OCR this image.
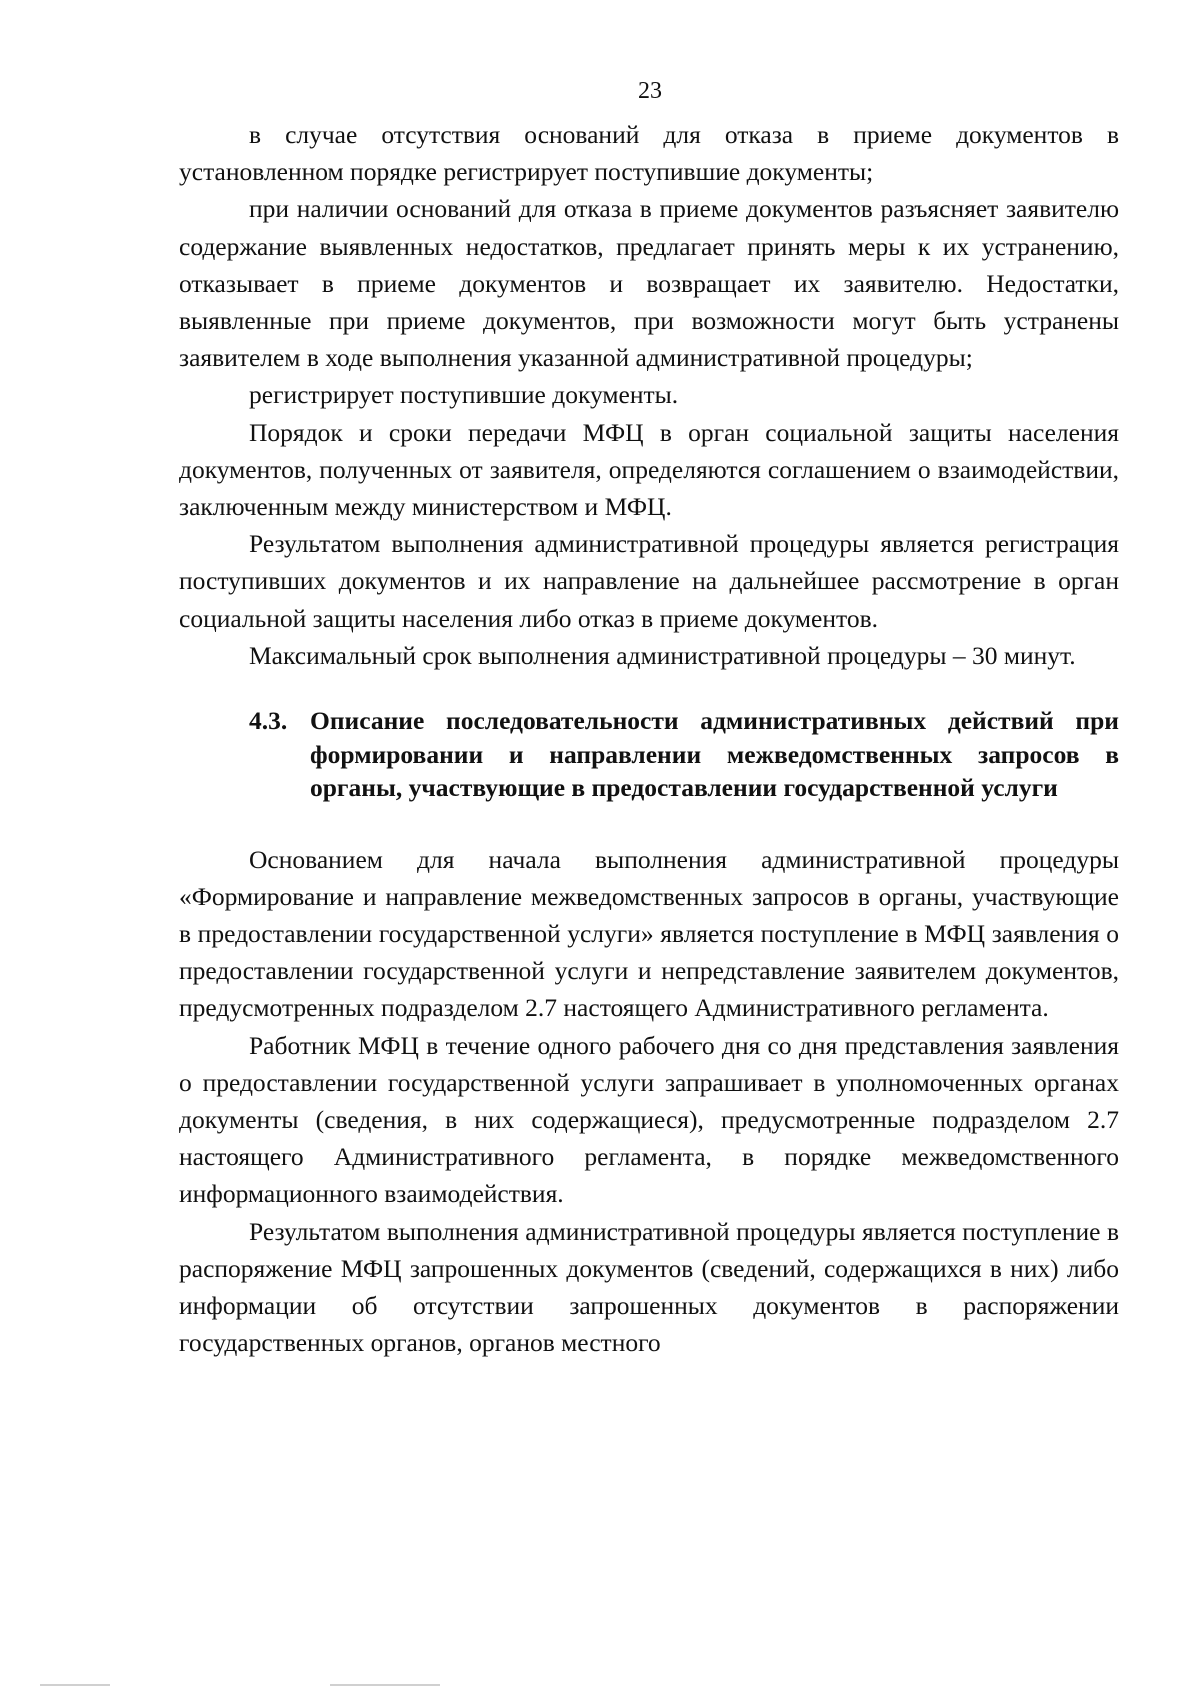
23

в случае отсутствия оснований для отказа в приеме документов в установленном порядке регистрирует поступившие документы;

при наличии оснований для отказа в приеме документов разъясняет заявителю содержание выявленных недостатков, предлагает принять меры к их устранению, отказывает в приеме документов и возвращает их заявителю. Недостатки, выявленные при приеме документов, при возможности могут быть устранены заявителем в ходе выполнения указанной административной процедуры;

регистрирует поступившие документы.

Порядок и сроки передачи МФЦ в орган социальной защиты населения документов, полученных от заявителя, определяются соглашением о взаимодействии, заключенным между министерством и МФЦ.

Результатом выполнения административной процедуры является регистрация поступивших документов и их направление на дальнейшее рассмотрение в орган социальной защиты населения либо отказ в приеме документов.

Максимальный срок выполнения административной процедуры – 30 минут.

4.3. Описание последовательности административных действий при формировании и направлении межведомственных запросов в органы, участвующие в предоставлении государственной услуги

Основанием для начала выполнения административной процедуры «Формирование и направление межведомственных запросов в органы, участвующие в предоставлении государственной услуги» является поступление в МФЦ заявления о предоставлении государственной услуги и непредставление заявителем документов, предусмотренных подразделом 2.7 настоящего Административного регламента.

Работник МФЦ в течение одного рабочего дня со дня представления заявления о предоставлении государственной услуги запрашивает в уполномоченных органах документы (сведения, в них содержащиеся), предусмотренные подразделом 2.7 настоящего Административного регламента, в порядке межведомственного информационного взаимодействия.

Результатом выполнения административной процедуры является поступление в распоряжение МФЦ запрошенных документов (сведений, содержащихся в них) либо информации об отсутствии запрошенных документов в распоряжении государственных органов, органов местного
